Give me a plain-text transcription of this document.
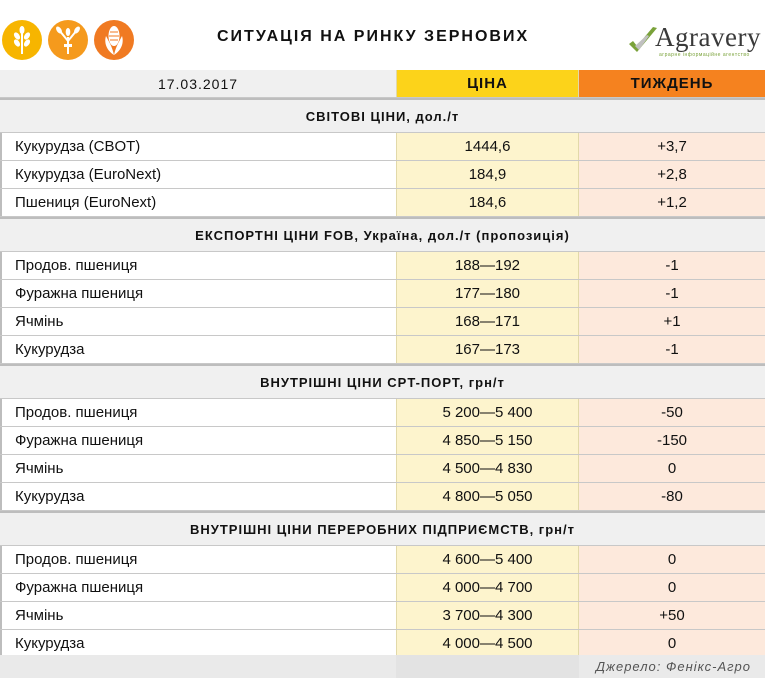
СИТУАЦІЯ НА РИНКУ ЗЕРНОВИХ	Agravery
аграрне інформаційне агентство
17.03.2017	ЦІНА	ТИЖДЕНЬ
СВІТОВІ ЦІНИ, дол./т
Кукурудза (CBOT)	1444,6	+3,7
Кукурудза (EuroNext)	184,9	+2,8
Пшениця (EuroNext)	184,6	+1,2
ЕКСПОРТНІ ЦІНИ FOB, Україна, дол./т (пропозиція)
Продов. пшениця	188—192	-1
Фуражна пшениця	177—180	-1
Ячмінь	168—171	+1
Кукурудза	167—173	-1
ВНУТРІШНІ ЦІНИ CPT-ПОРТ, грн/т
Продов. пшениця	5 200—5 400	-50
Фуражна пшениця	4 850—5 150	-150
Ячмінь	4 500—4 830	0
Кукурудза	4 800—5 050	-80
ВНУТРІШНІ ЦІНИ ПЕРЕРОБНИХ ПІДПРИЄМСТВ, грн/т
Продов. пшениця	4 600—5 400	0
Фуражна пшениця	4 000—4 700	0
Ячмінь	3 700—4 300	+50
Кукурудза	4 000—4 500	0
Джерело: Фенікс-Агро
